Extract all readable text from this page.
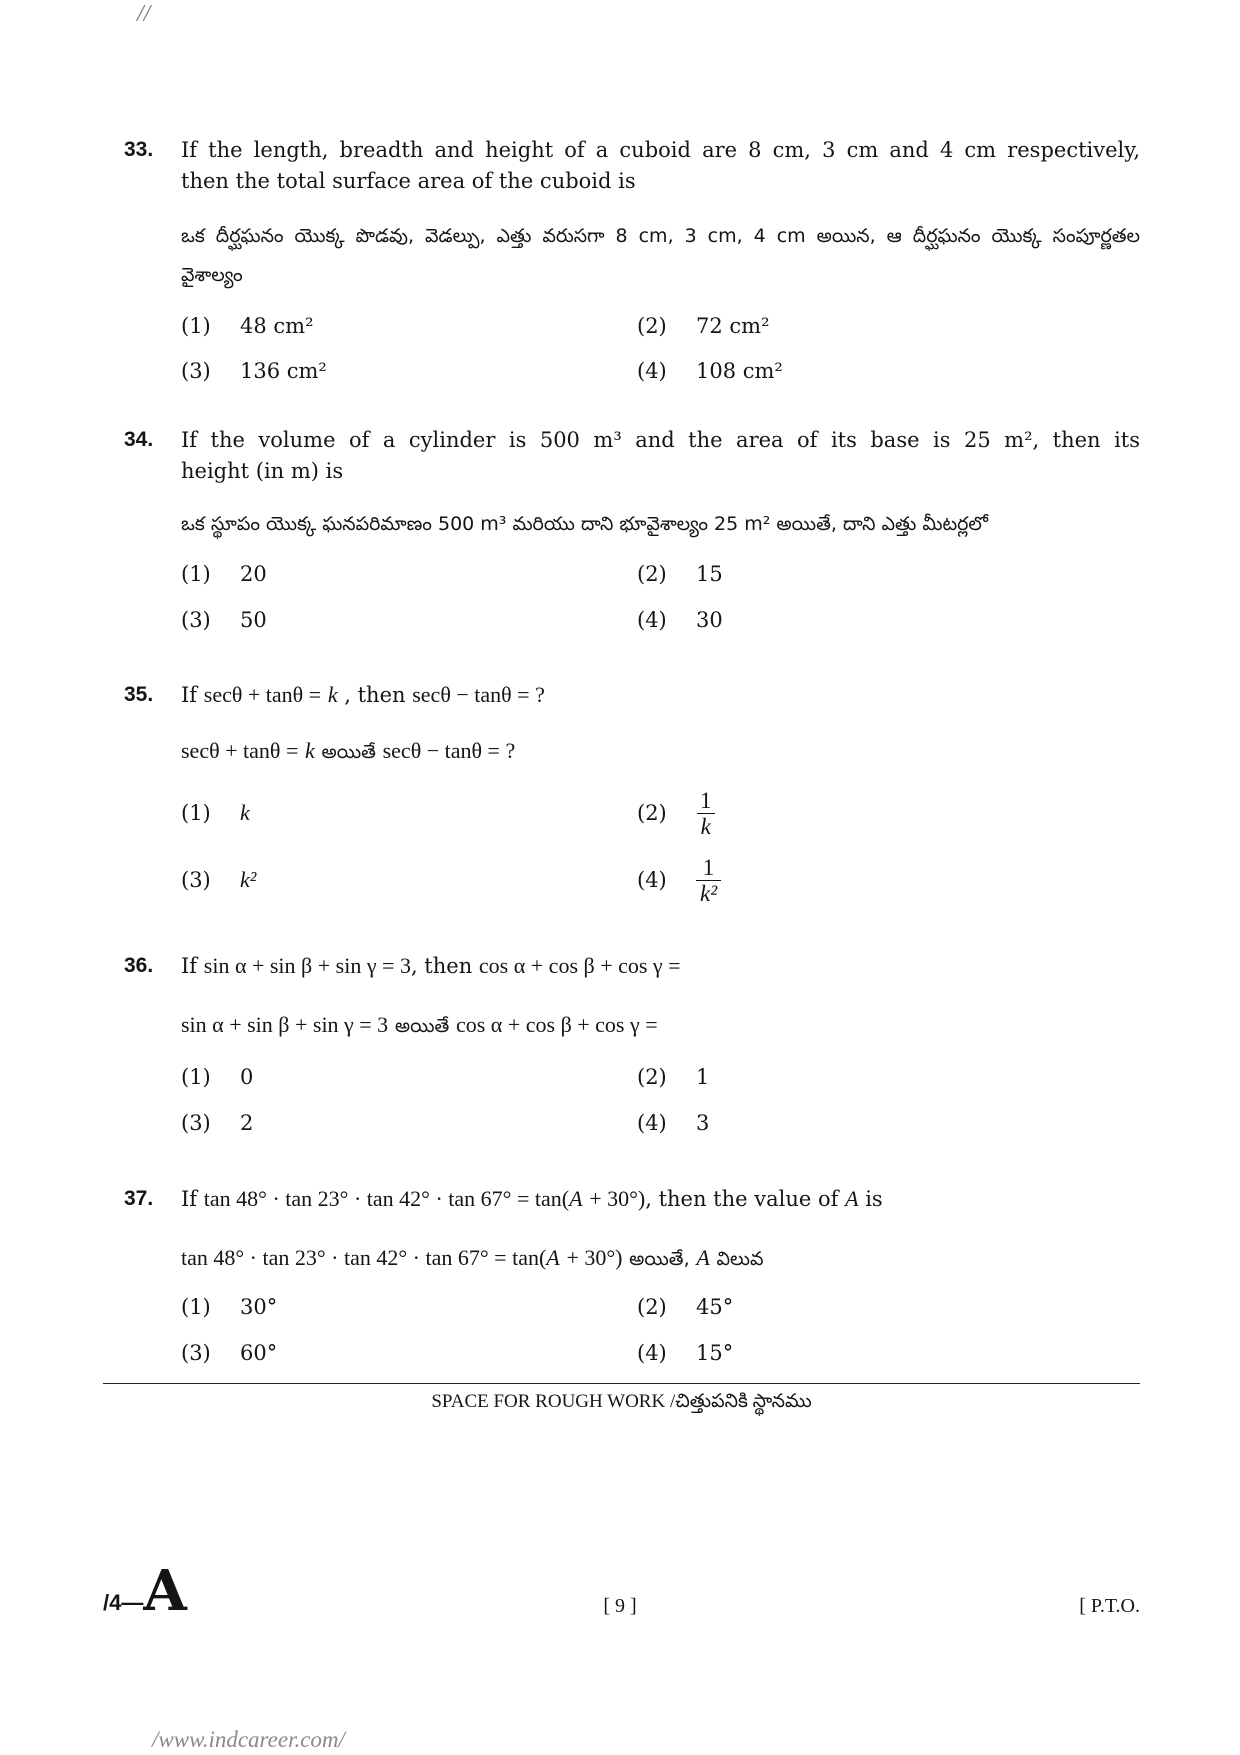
//
33. If the length, breadth and height of a cuboid are 8 cm, 3 cm and 4 cm respectively,
then the total surface area of the cuboid is
ఒక దీర్ఘఘనం యొక్క పొడవు, వెడల్పు, ఎత్తు వరుసగా 8 cm, 3 cm, 4 cm అయిన, ఆ దీర్ఘఘనం యొక్క సంపూర్ణతల
వైశాల్యం
(1)	48 cm²	(2)	72 cm²
(3)	136 cm²	(4)	108 cm²
34. If the volume of a cylinder is 500 m³ and the area of its base is 25 m², then its
height (in m) is
ఒక స్థూపం యొక్క ఘనపరిమాణం 500 m³ మరియు దాని భూవైశాల్యం 25 m² అయితే, దాని ఎత్తు మీటర్లలో
(1)	20	(2)	15
(3)	50	(4)	30
35. If secθ + tanθ = k , then secθ − tanθ = ?
secθ + tanθ = k అయితే secθ − tanθ = ?
(1)	k	(2)	$\frac{1}{k}$
(3)	k²	(4)	$\frac{1}{\text{k²}}$
36. If sin α + sin β + sin γ = 3, then cos α + cos β + cos γ =
sin α + sin β + sin γ = 3 అయితే cos α + cos β + cos γ =
(1)	0	(2)	1
(3)	2	(4)	3
37. If tan 48° · tan 23° · tan 42° · tan 67° = tan(A + 30°), then the value of A is
tan 48° · tan 23° · tan 42° · tan 67° = tan(A + 30°) అయితే, A విలువ
(1)	30°	(2)	45°
(3)	60°	(4)	15°
SPACE FOR ROUGH WORK /చిత్తుపనికి స్థానము
/4— A	[ 9 ]	[ P.T.O.
/www.indcareer.com/
